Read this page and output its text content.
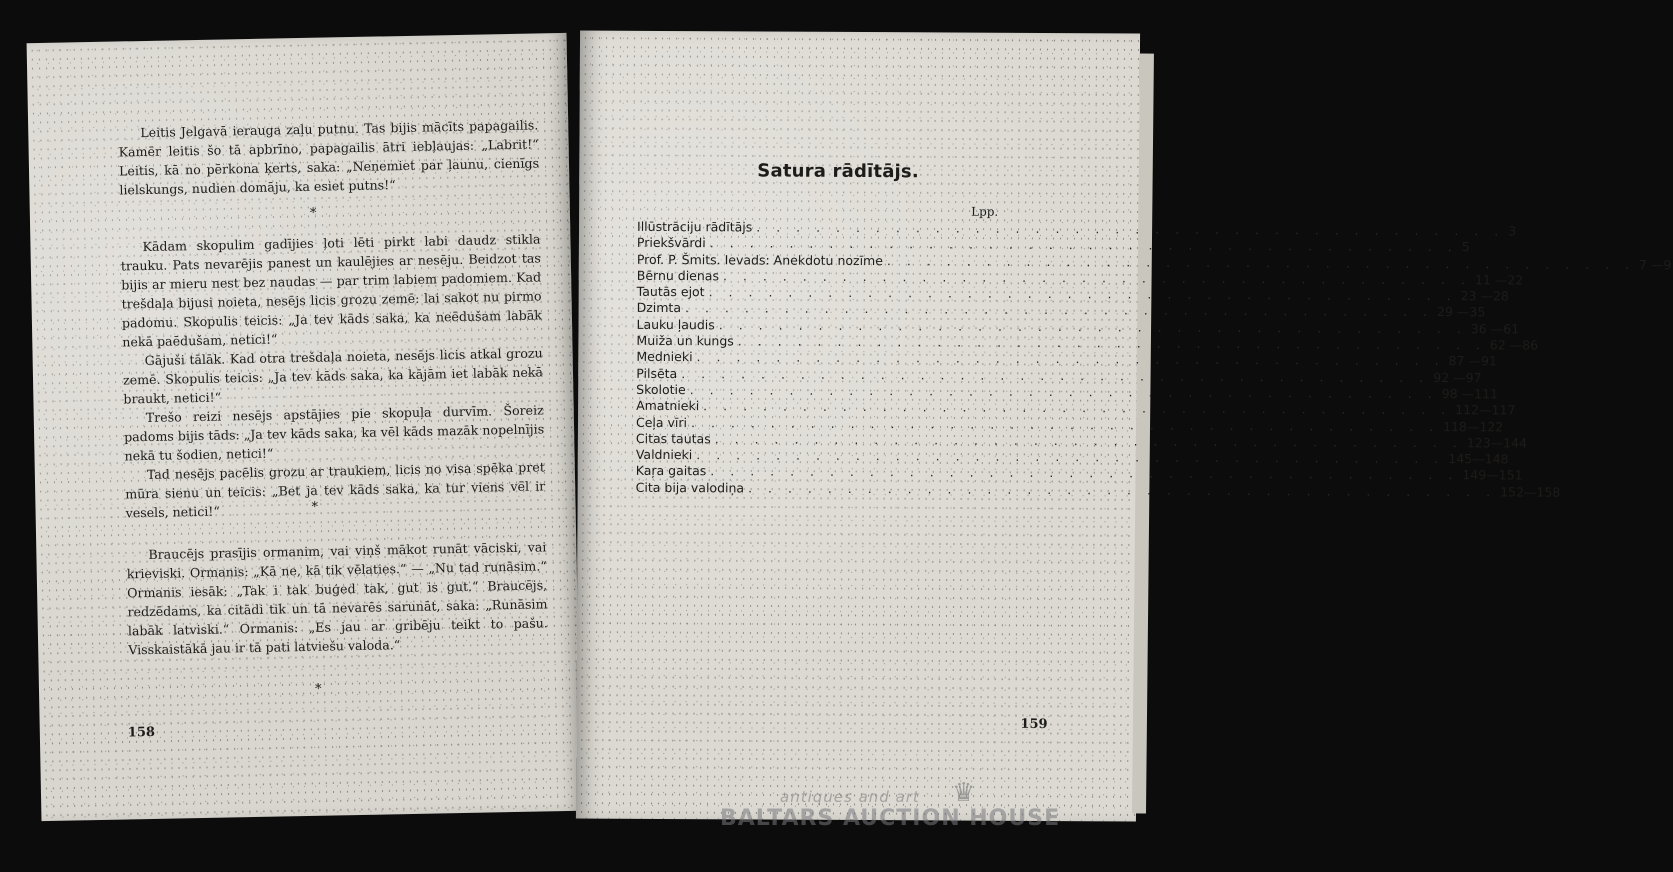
Leitis Jelgavā ierauga zaļu putnu. Tas bijis mācīts papagailis. Kamēr leitis šo tā apbrīno, papagailis ātri iebļaujas: „Labrit!“ Leitis, kā no pērkona ķerts, saka: „Neņemiet par ļaunu, cienīgs lielskungs, nudien domāju, ka esiet putns!“

*

Kādam skopulim gadījies ļoti lēti pirkt labi daudz stikla trauku. Pats nevarējis panest un kaulējies ar nesēju. Beidzot tas bijis ar mieru nest bez naudas — par trim labiem padomiem. Kad trešdaļa bijusi noieta, nesējs licis grozu zemē: lai sakot nu pirmo padomu. Skopulis teicis: „Ja tev kāds saka, ka neēdušam labāk nekā paēdušam, netici!“

Gājuši tālāk. Kad otra trešdaļa noieta, nesējs licis atkal grozu zemē. Skopulis teicis: „Ja tev kāds saka, ka kājām iet labāk nekā braukt, netici!“

Trešo reizi nesējs apstājies pie skopuļa durvīm. Šoreiz padoms bijis tāds: „Ja tev kāds saka, ka vēl kāds mazāk nopelnījis nekā tu šodien, netici!“

Tad nesējs pacēlis grozu ar traukiem, licis no visa spēka pret mūra sienu un teicis: „Bet ja tev kāds saka, ka tur viens vēl ir vesels, netici!“	*

Braucējs prasījis ormanim, vai viņš mākot runāt vāciski, vai krieviski. Ormanis: „Kā ne, kā tik vēlaties.“ — „Nu tad runāsim.“ Ormanis iesāk: „Tak i tak buģed tak, gut is gut.“ Braucējs, redzēdams, ka citādi tik un tā nevarēs sarunāt, saka: „Runāsim labāk latviski.“ Ormanis: „Es jau ar gribēju teikt to pašu. Visskaistākā jau ir tā pati latviešu valoda.“

*
158
Satura rādītājs.
Lpp.
Illūstrāciju rādītājs . . . . . . . . . . . . . . . . . . . . . . . . . . . . . . . . . . . . . . 3
Priekšvārdi . . . . . . . . . . . . . . . . . . . . . . . . . . . . . . . . . . . . . . 5
Prof. P. Šmits. Ievads: Anekdotu nozīme . . . . . . . . . . . . . . . . . . . . . . . . . . . . . . . . . . . . . . 7 —9
Bērnu dienas . . . . . . . . . . . . . . . . . . . . . . . . . . . . . . . . . . . . . . 11 —22
Tautās ejot . . . . . . . . . . . . . . . . . . . . . . . . . . . . . . . . . . . . . . 23 —28
Dzimta . . . . . . . . . . . . . . . . . . . . . . . . . . . . . . . . . . . . . . 29 —35
Lauku ļaudis . . . . . . . . . . . . . . . . . . . . . . . . . . . . . . . . . . . . . . 36 —61
Muiža un kungs . . . . . . . . . . . . . . . . . . . . . . . . . . . . . . . . . . . . . . 62 —86
Mednieki . . . . . . . . . . . . . . . . . . . . . . . . . . . . . . . . . . . . . . 87 —91
Pilsēta . . . . . . . . . . . . . . . . . . . . . . . . . . . . . . . . . . . . . . 92 —97
Skolotie . . . . . . . . . . . . . . . . . . . . . . . . . . . . . . . . . . . . . . 98 —111
Amatnieki . . . . . . . . . . . . . . . . . . . . . . . . . . . . . . . . . . . . . . 112—117
Ceļa vīri . . . . . . . . . . . . . . . . . . . . . . . . . . . . . . . . . . . . . . 118—122
Citas tautas . . . . . . . . . . . . . . . . . . . . . . . . . . . . . . . . . . . . . . 123—144
Valdnieki . . . . . . . . . . . . . . . . . . . . . . . . . . . . . . . . . . . . . . 145—148
Kaŗa gaitas . . . . . . . . . . . . . . . . . . . . . . . . . . . . . . . . . . . . . . 149—151
Cita bija valodiņa . . . . . . . . . . . . . . . . . . . . . . . . . . . . . . . . . . . . . . 152—158
159
♛
antiques and art
BALTARS AUCTION HOUSE
